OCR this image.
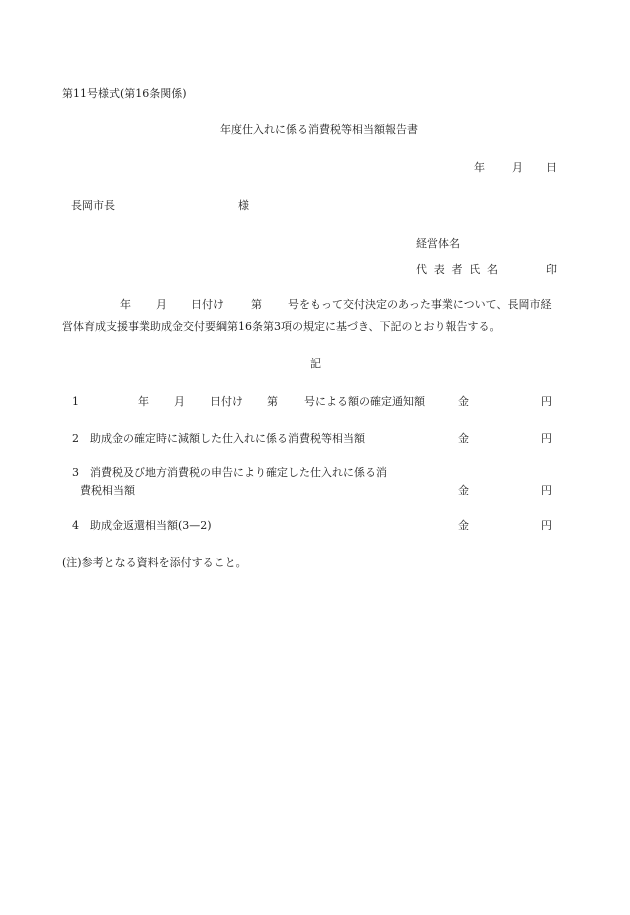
第11号様式(第16条関係)
年度仕入れに係る消費税等相当額報告書
年 月 日
長岡市長	様
経営体名
代 表 者 氏 名	印
年 月 日付け 第 号をもって交付決定のあった事業について、長岡市経
営体育成支援事業助成金交付要綱第16条第3項の規定に基づき、下記のとおり報告する。
記
1	年 月 日付け 第 号による額の確定通知額	金	円
2 助成金の確定時に減額した仕入れに係る消費税等相当額	金	円
3 消費税及び地方消費税の申告により確定した仕入れに係る消
費税相当額	金	円
4 助成金返還相当額(3—2)	金	円
(注)参考となる資料を添付すること。
